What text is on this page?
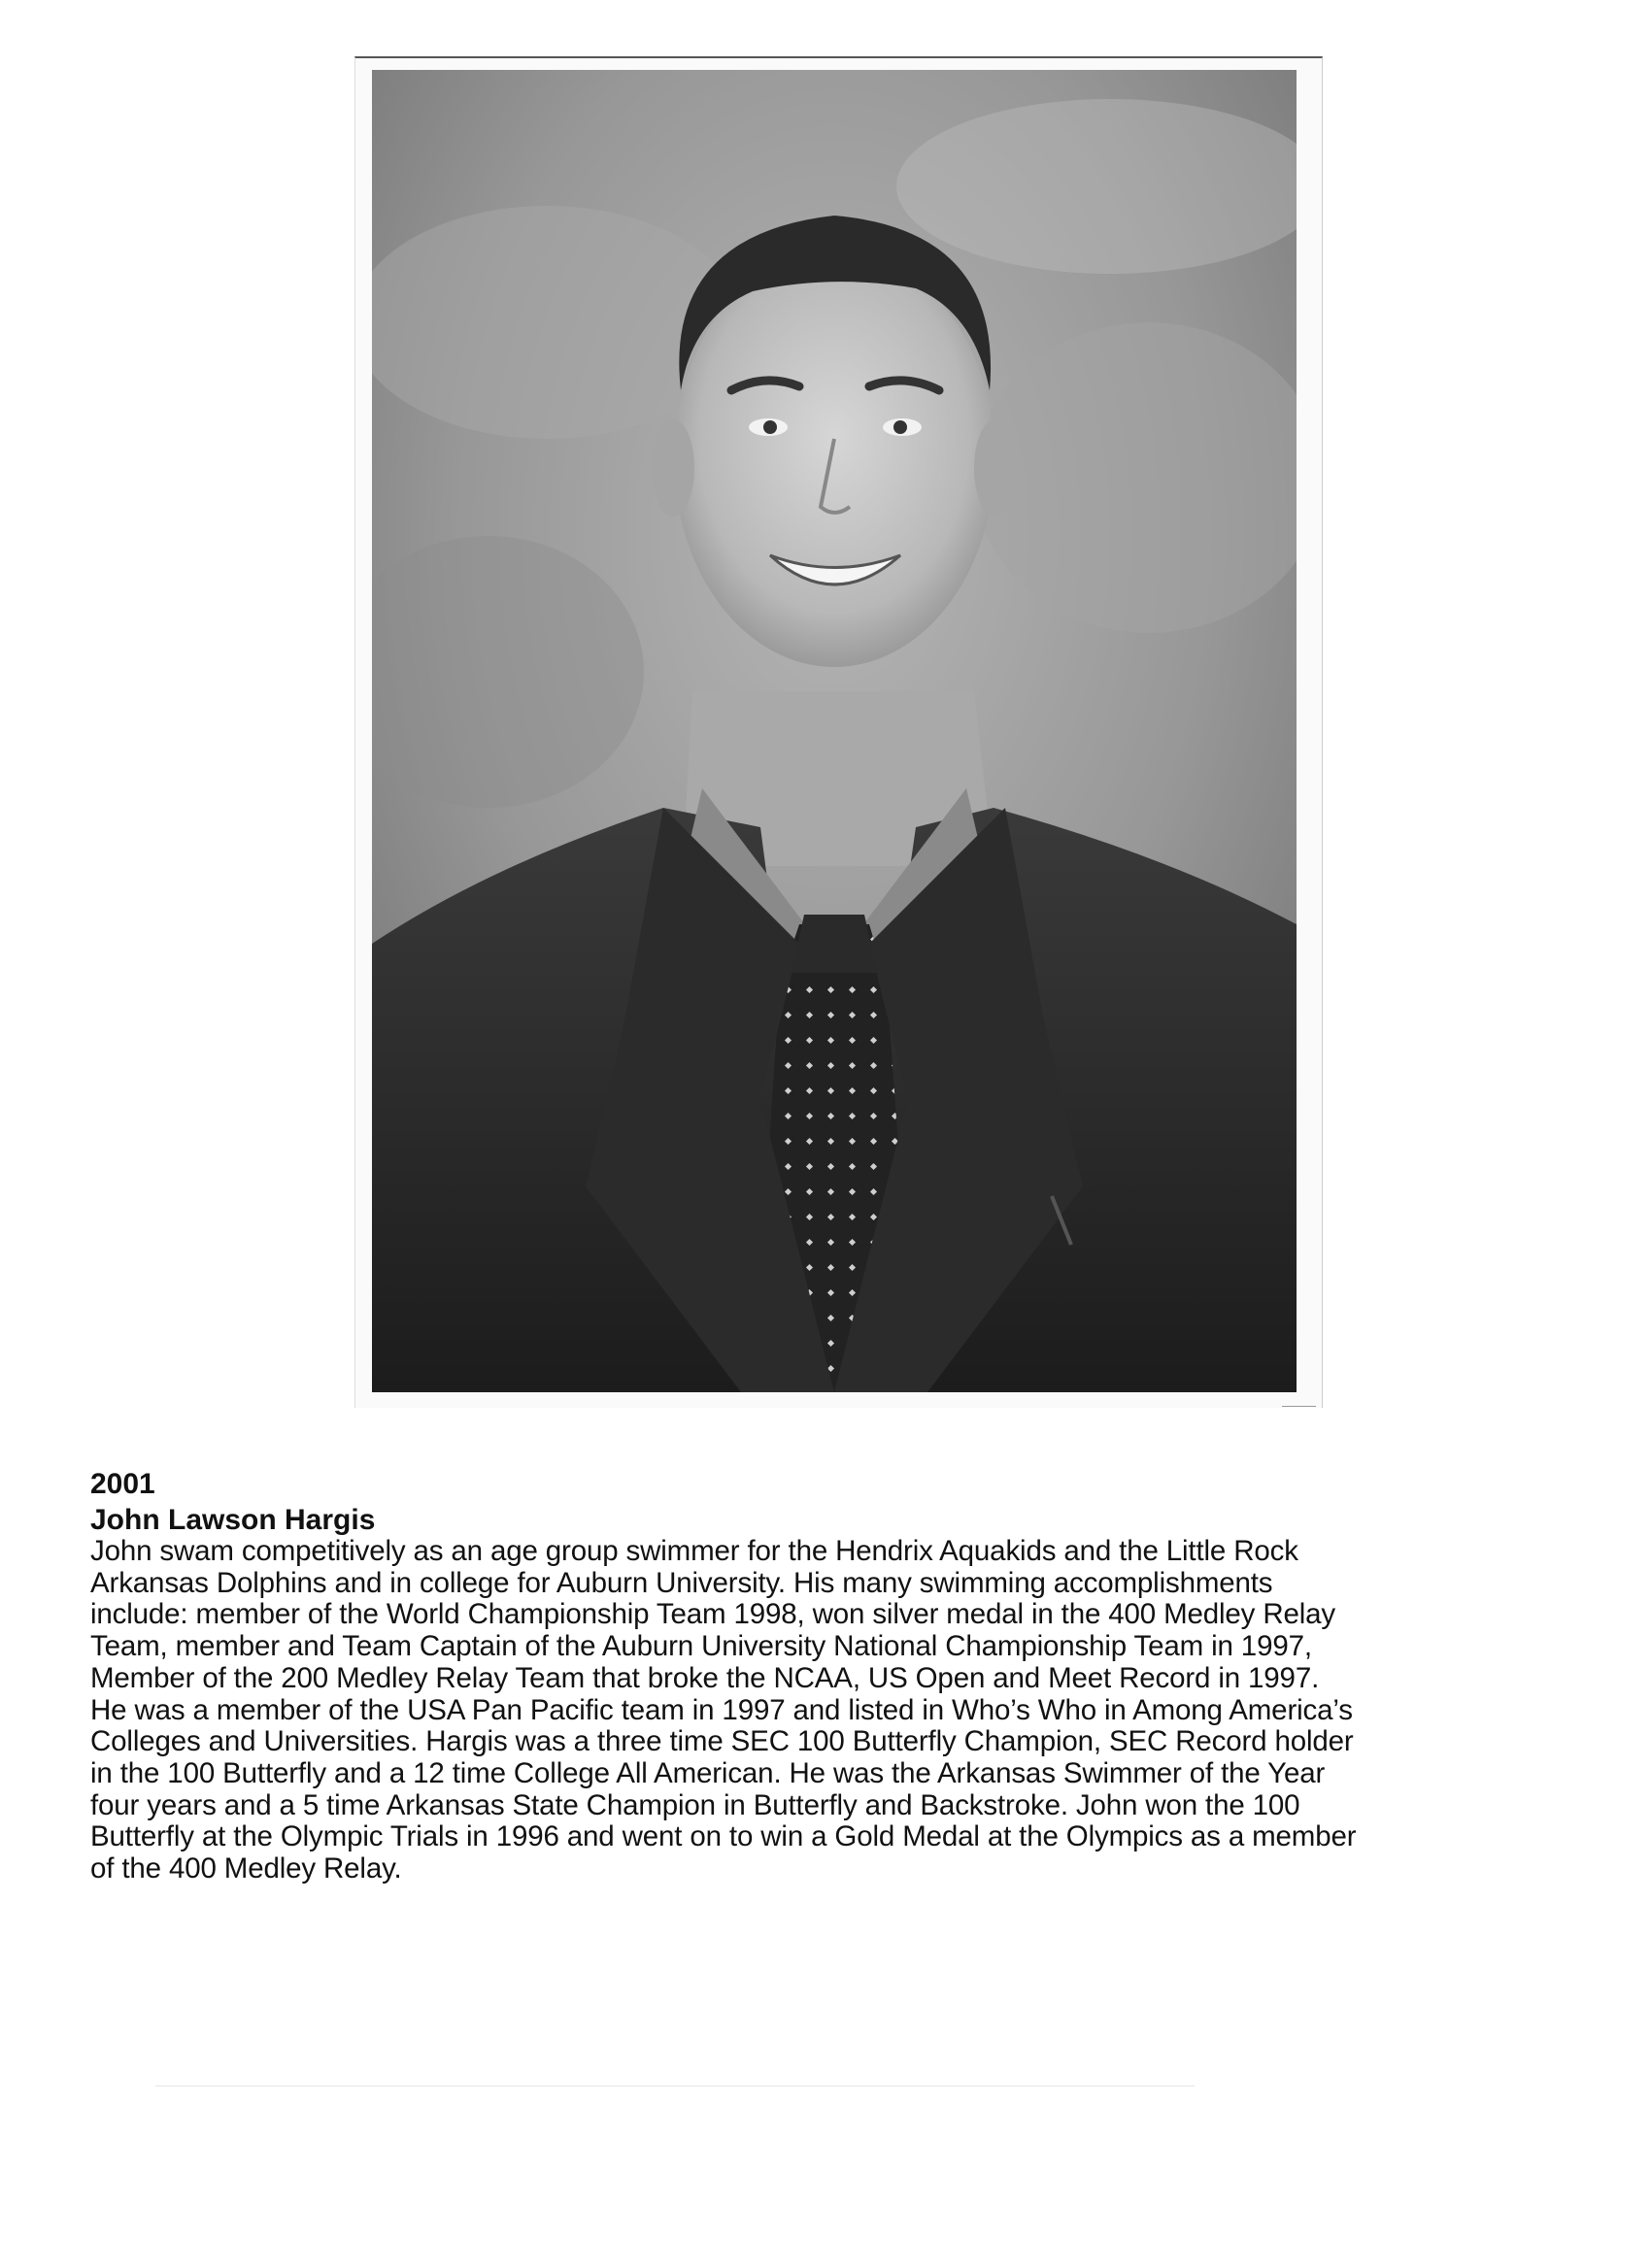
2001

John Lawson Hargis

John swam competitively as an age group swimmer for the Hendrix Aquakids and the Little Rock
Arkansas Dolphins and in college for Auburn University. His many swimming accomplishments
include: member of the World Championship Team 1998, won silver medal in the 400 Medley Relay
Team, member and Team Captain of the Auburn University National Championship Team in 1997,
Member of the 200 Medley Relay Team that broke the NCAA, US Open and Meet Record in 1997.
He was a member of the USA Pan Pacific team in 1997 and listed in Who’s Who in Among America’s
Colleges and Universities. Hargis was a three time SEC 100 Butterfly Champion, SEC Record holder
in the 100 Butterfly and a 12 time College All American. He was the Arkansas Swimmer of the Year
four years and a 5 time Arkansas State Champion in Butterfly and Backstroke. John won the 100
Butterfly at the Olympic Trials in 1996 and went on to win a Gold Medal at the Olympics as a member
of the 400 Medley Relay.
